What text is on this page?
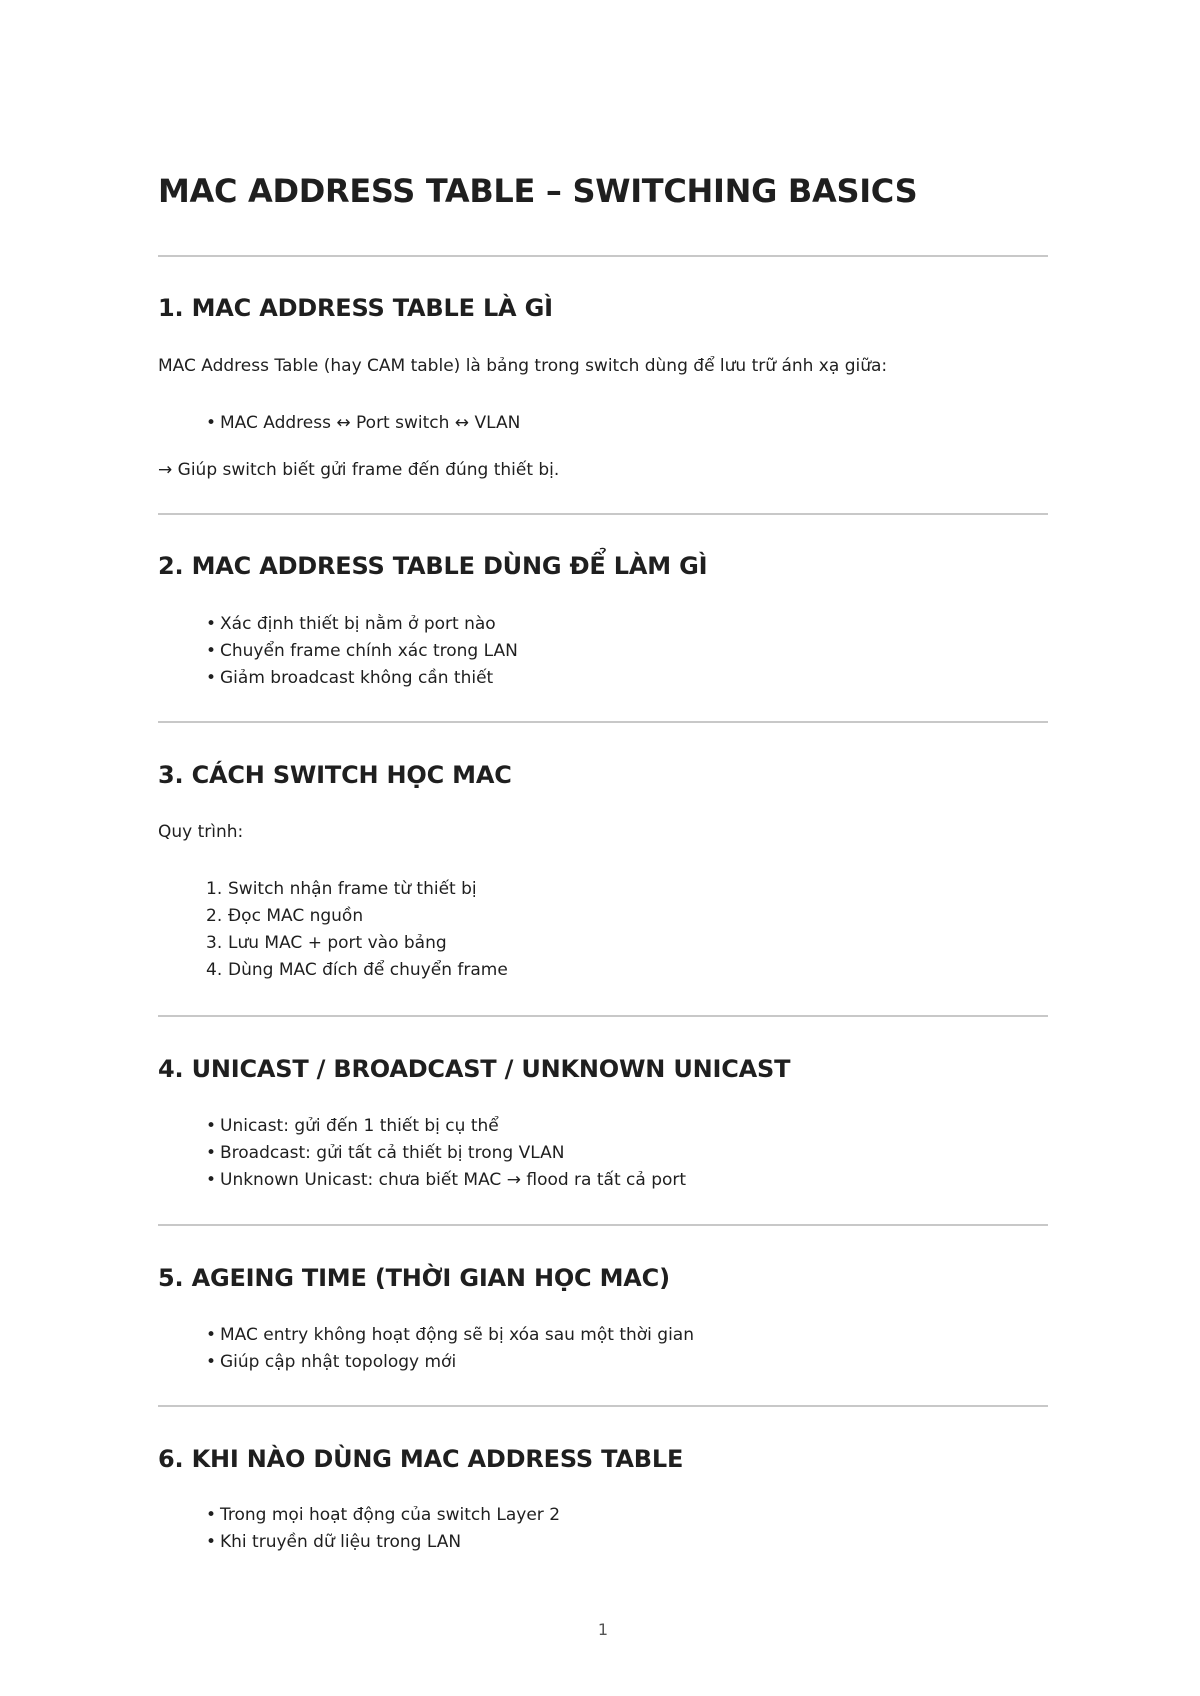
MAC ADDRESS TABLE – SWITCHING BASICS
1. MAC ADDRESS TABLE LÀ GÌ

MAC Address Table (hay CAM table) là bảng trong switch dùng để lưu trữ ánh xạ giữa:

• MAC Address ↔ Port switch ↔ VLAN

→ Giúp switch biết gửi frame đến đúng thiết bị.

2. MAC ADDRESS TABLE DÙNG ĐỂ LÀM GÌ
• Xác định thiết bị nằm ở port nào
• Chuyển frame chính xác trong LAN
• Giảm broadcast không cần thiết
3. CÁCH SWITCH HỌC MAC

Quy trình:

1. Switch nhận frame từ thiết bị
2. Đọc MAC nguồn
3. Lưu MAC + port vào bảng
4. Dùng MAC đích để chuyển frame
4. UNICAST / BROADCAST / UNKNOWN UNICAST
• Unicast: gửi đến 1 thiết bị cụ thể
• Broadcast: gửi tất cả thiết bị trong VLAN
• Unknown Unicast: chưa biết MAC → flood ra tất cả port
5. AGEING TIME (THỜI GIAN HỌC MAC)
• MAC entry không hoạt động sẽ bị xóa sau một thời gian
• Giúp cập nhật topology mới
6. KHI NÀO DÙNG MAC ADDRESS TABLE
• Trong mọi hoạt động của switch Layer 2
• Khi truyền dữ liệu trong LAN
1
